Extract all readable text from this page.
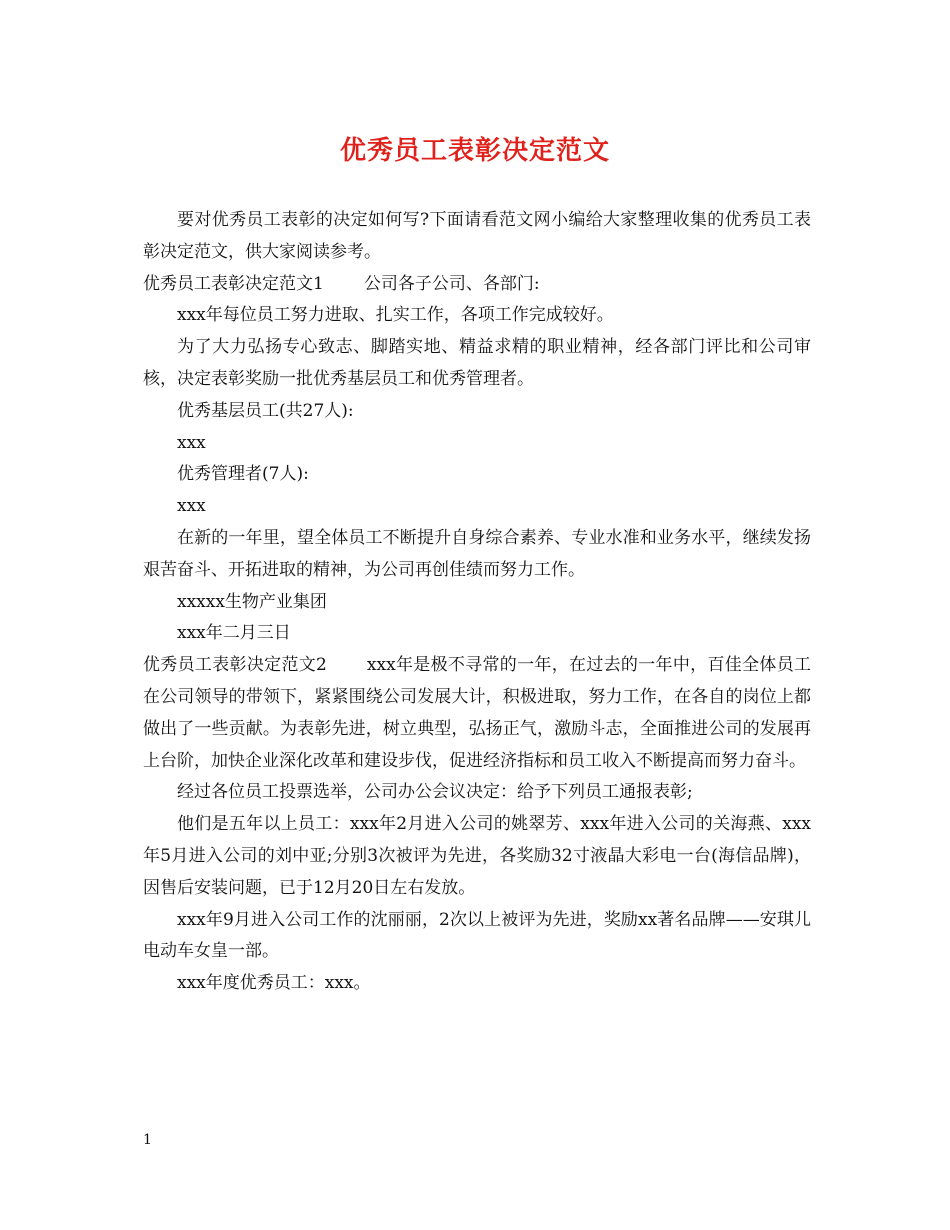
优秀员工表彰决定范文

要对优秀员工表彰的决定如何写?下面请看范文网小编给大家整理收集的优秀员工表彰决定范文，供大家阅读参考。

优秀员工表彰决定范文1 公司各子公司、各部门:

xxx年每位员工努力进取、扎实工作，各项工作完成较好。

为了大力弘扬专心致志、脚踏实地、精益求精的职业精神，经各部门评比和公司审核，决定表彰奖励一批优秀基层员工和优秀管理者。

优秀基层员工(共27人):

xxx

优秀管理者(7人):

xxx

在新的一年里，望全体员工不断提升自身综合素养、专业水准和业务水平，继续发扬艰苦奋斗、开拓进取的精神，为公司再创佳绩而努力工作。

xxxxx生物产业集团

xxx年二月三日

优秀员工表彰决定范文2 xxx年是极不寻常的一年，在过去的一年中，百佳全体员工在公司领导的带领下，紧紧围绕公司发展大计，积极进取，努力工作，在各自的岗位上都做出了一些贡献。为表彰先进，树立典型，弘扬正气，激励斗志，全面推进公司的发展再上台阶，加快企业深化改革和建设步伐，促进经济指标和员工收入不断提高而努力奋斗。

经过各位员工投票选举，公司办公会议决定：给予下列员工通报表彰;

他们是五年以上员工：xxx年2月进入公司的姚翠芳、xxx年进入公司的关海燕、xxx年5月进入公司的刘中亚;分别3次被评为先进，各奖励32寸液晶大彩电一台(海信品牌)，因售后安装问题，已于12月20日左右发放。

xxx年9月进入公司工作的沈丽丽，2次以上被评为先进，奖励xx著名品牌——安琪儿电动车女皇一部。

xxx年度优秀员工：xxx。

1
